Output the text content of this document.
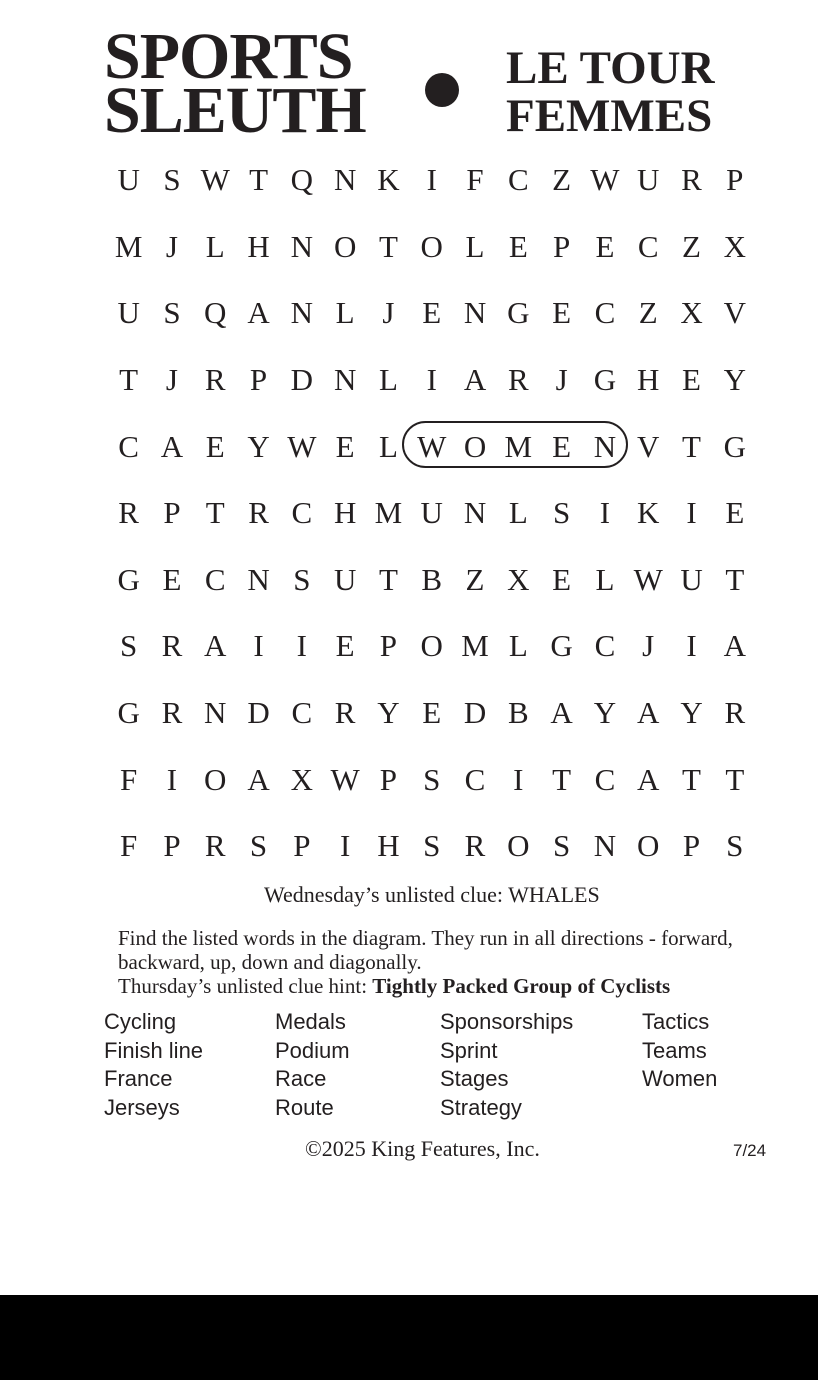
SPORTS
SLEUTH
LE TOUR
FEMMES
U S W T Q N K I F C Z W U R P
M J L H N O T O L E P E C Z X
U S Q A N L J E N G E C Z X V
T J R P D N L I A R J G H E Y
C A E Y W E L W O M E N V T G
R P T R C H M U N L S I K I E
G E C N S U T B Z X E L W U T
S R A I	I E P O M L G C J	I A
G R N D C R Y E D B A Y A Y R
F I O A X W P S C I T C A T T
F P R S P I H S R O S N O P S
Wednesday’s unlisted clue: WHALES
Find the listed words in the diagram. They run in all directions - forward, backward, up, down and diagonally.
Thursday’s unlisted clue hint: Tightly Packed Group of Cyclists
Cycling
Finish line
France
Jerseys
Medals
Podium
Race
Route
Sponsorships
Sprint
Stages
Strategy
Tactics
Teams
Women
©2025 King Features, Inc.	7/24
